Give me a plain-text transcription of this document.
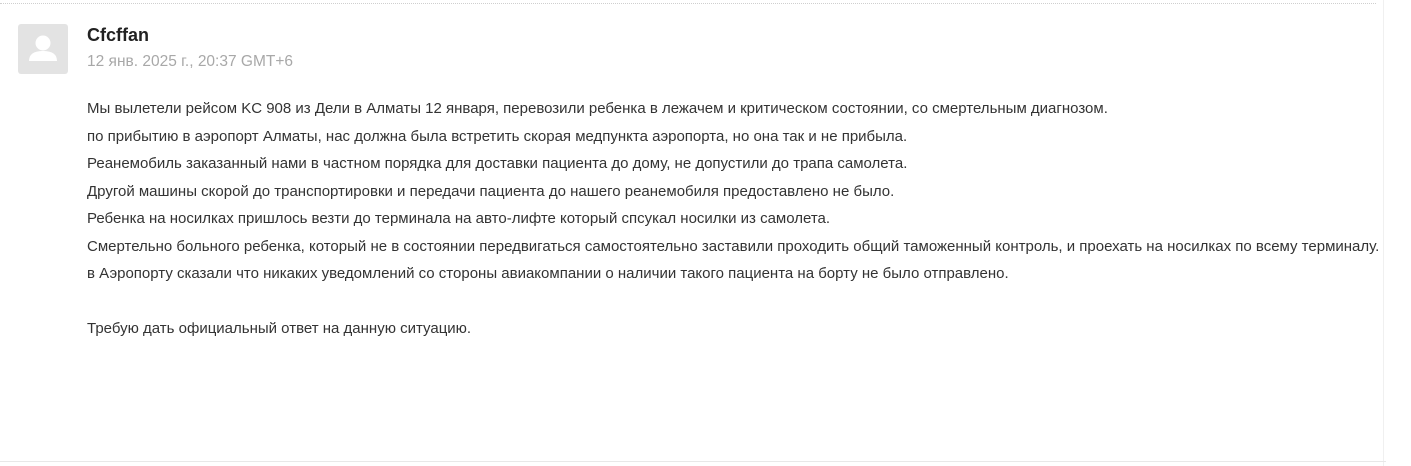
Cfcffan
12 янв. 2025 г., 20:37 GMT+6

Мы вылетели рейсом KC 908 из Дели в Алматы 12 января, перевозили ребенка в лежачем и критическом состоянии, со смертельным диагнозом.

по прибытию в аэропорт Алматы, нас должна была встретить скорая медпункта аэропорта, но она так и не прибыла.

Реанемобиль заказанный нами в частном порядка для доставки пациента до дому, не допустили до трапа самолета.

Другой машины скорой до транспортировки и передачи пациента до нашего реанемобиля предоставлено не было.

Ребенка на носилках пришлось везти до терминала на авто-лифте который спсукал носилки из самолета.

Смертельно больного ребенка, который не в состоянии передвигаться самостоятельно заставили проходить общий таможенный контроль, и проехать на носилках по всему терминалу.

в Аэропорту сказали что никаких уведомлений со стороны авиакомпании о наличии такого пациента на борту не было отправлено.

Требую дать официальный ответ на данную ситуацию.
